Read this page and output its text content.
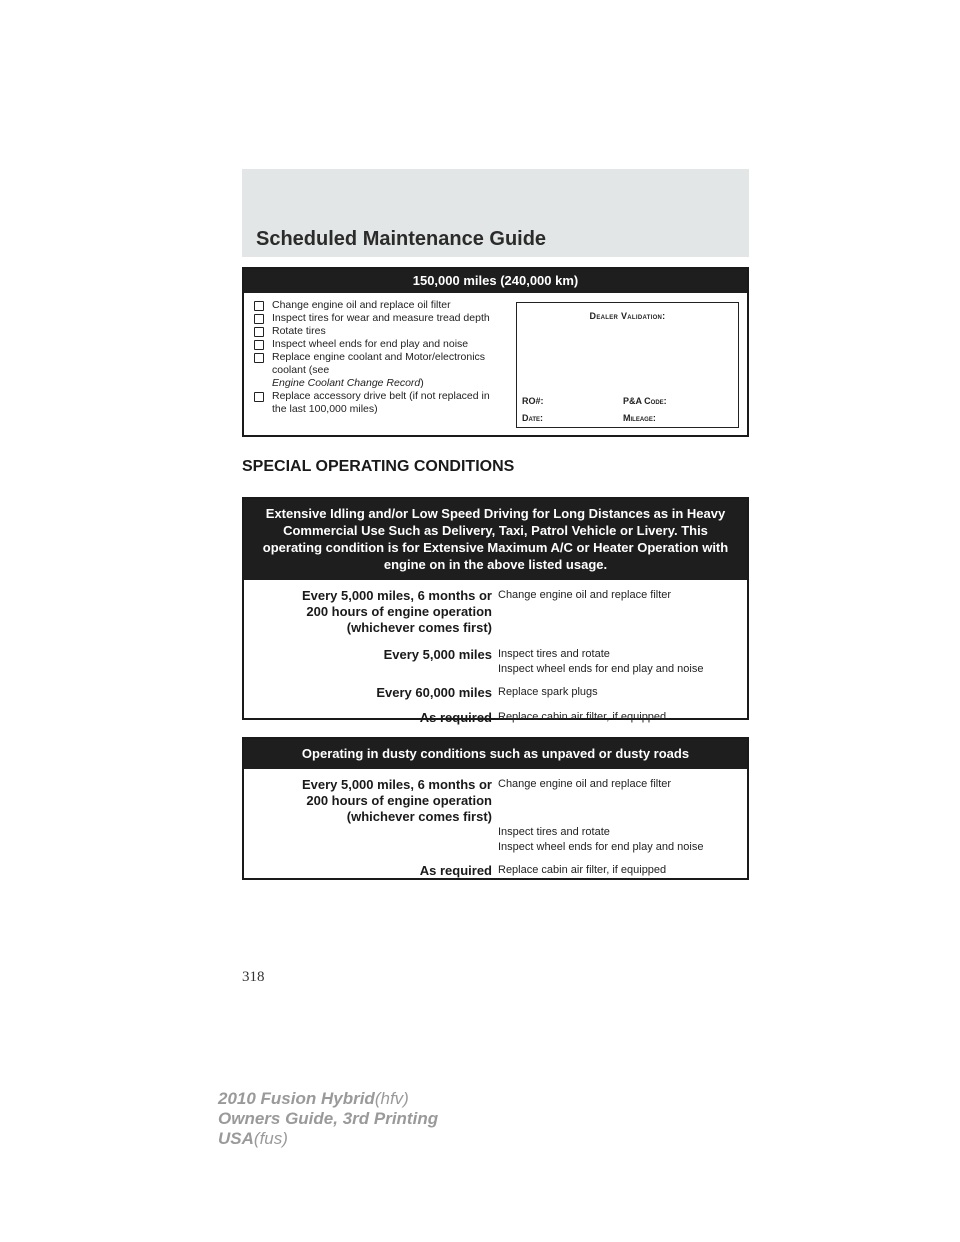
Scheduled Maintenance Guide
150,000 miles (240,000 km)
Change engine oil and replace oil filter
Inspect tires for wear and measure tread depth
Rotate tires
Inspect wheel ends for end play and noise
Replace engine coolant and Motor/electronics coolant (see
Engine Coolant Change Record)
Replace accessory drive belt (if not replaced in the last 100,000 miles)
Dealer Validation:
RO#:	P&A Code:
Date:	Mileage:
SPECIAL OPERATING CONDITIONS
Extensive Idling and/or Low Speed Driving for Long Distances as in Heavy Commercial Use Such as Delivery, Taxi, Patrol Vehicle or Livery. This operating condition is for Extensive Maximum A/C or Heater Operation with engine on in the above listed usage.
Every 5,000 miles, 6 months or
200 hours of engine operation
(whichever comes first)
Change engine oil and replace filter
Every 5,000 miles Inspect tires and rotate
Inspect wheel ends for end play and noise
Every 60,000 miles Replace spark plugs
As required Replace cabin air filter, if equipped
Operating in dusty conditions such as unpaved or dusty roads
Every 5,000 miles, 6 months or
200 hours of engine operation
(whichever comes first)
Change engine oil and replace filter
Inspect tires and rotate
Inspect wheel ends for end play and noise
As required Replace cabin air filter, if equipped
318
2010 Fusion Hybrid(hfv)
Owners Guide, 3rd Printing
USA(fus)
